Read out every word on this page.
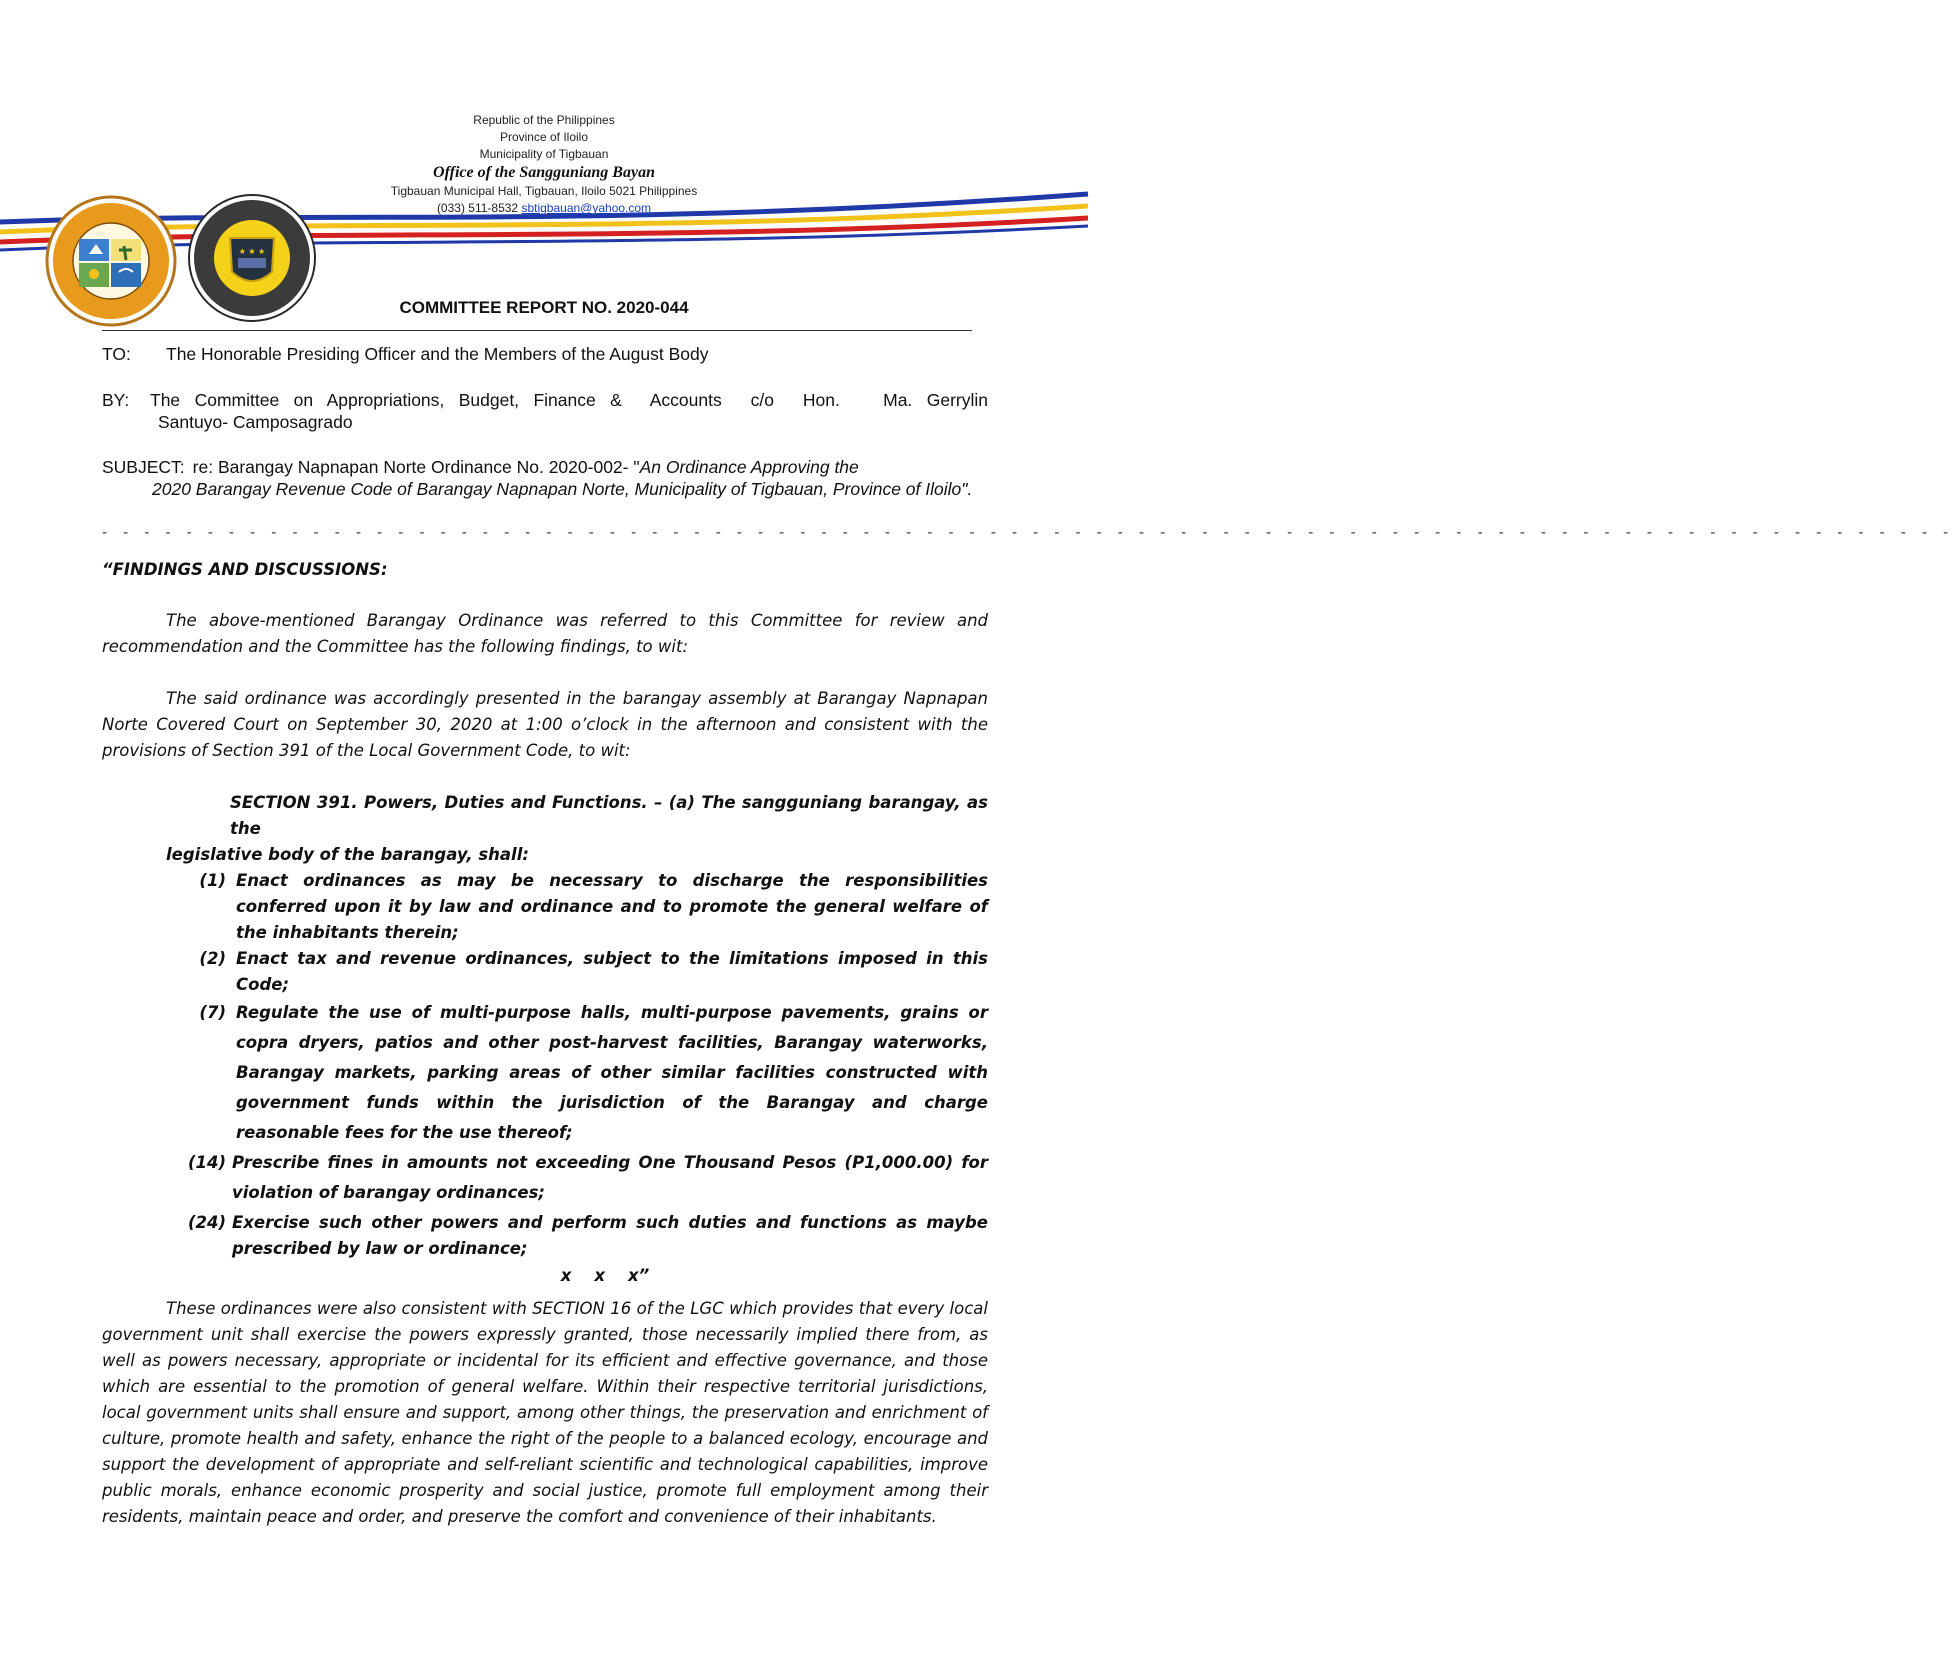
★ ★ ★
Republic of the Philippines
Province of Iloilo
Municipality of Tigbauan
Office of the Sangguniang Bayan
Tigbauan Municipal Hall, Tigbauan, Iloilo 5021 Philippines
(033) 511-8532 sbtigbauan@yahoo.com
COMMITTEE REPORT NO. 2020-044
TO: The Honorable Presiding Officer and the Members of the August Body
BY:	The Committee on Appropriations, Budget, Finance &  Accounts  c/o  Hon.   Ma. Gerrylin
Santuyo- Camposagrado
SUBJECT: re: Barangay Napnapan Norte Ordinance No. 2020-002- " An Ordinance Approving the
2020 Barangay Revenue Code of Barangay Napnapan Norte, Municipality of Tigbauan, Province of Iloilo".
- - - - - - - - - - - - - - - - - - - - - - - - - - - - - - - - - - - - - - - - - - - - - - - - - - - - - - - - - - - - - - - - - - - - - - - - - - - - - - - - - - - - - - - -
“FINDINGS AND DISCUSSIONS:
The above-mentioned Barangay Ordinance was referred to this Committee for review and recommendation and the Committee has the following findings, to wit:
The said ordinance was accordingly presented in the barangay assembly at Barangay Napnapan Norte Covered Court on September 30, 2020 at 1:00 o’clock in the afternoon and consistent with the provisions of Section 391 of the Local Government Code, to wit:
SECTION 391. Powers, Duties and Functions. – (a) The sangguniang barangay, as the
legislative body of the barangay, shall:
(1) Enact ordinances as may be necessary to discharge the responsibilities conferred upon it by law and ordinance and to promote the general welfare of the inhabitants therein;
(2) Enact tax and revenue ordinances, subject to the limitations imposed in this Code;
(7) Regulate the use of multi-purpose halls, multi-purpose pavements, grains or copra dryers, patios and other post-harvest facilities, Barangay waterworks, Barangay markets, parking areas of other similar facilities constructed with government funds within the jurisdiction of the Barangay and charge reasonable fees for the use thereof;
(14) Prescribe fines in amounts not exceeding One Thousand Pesos (P1,000.00) for violation of barangay ordinances;
(24) Exercise such other powers and perform such duties and functions as maybe prescribed by law or ordinance;
x    x    x”
These ordinances were also consistent with SECTION 16 of the LGC which provides that every local government unit shall exercise the powers expressly granted, those necessarily implied there from, as well as powers necessary, appropriate or incidental for its efficient and effective governance, and those which are essential to the promotion of general welfare. Within their respective territorial jurisdictions, local government units shall ensure and support, among other things, the preservation and enrichment of culture, promote health and safety, enhance the right of the people to a balanced ecology, encourage and support the development of appropriate and self-reliant scientific and technological capabilities, improve public morals, enhance economic prosperity and social justice, promote full employment among their residents, maintain peace and order, and preserve the comfort and convenience of their inhabitants.
